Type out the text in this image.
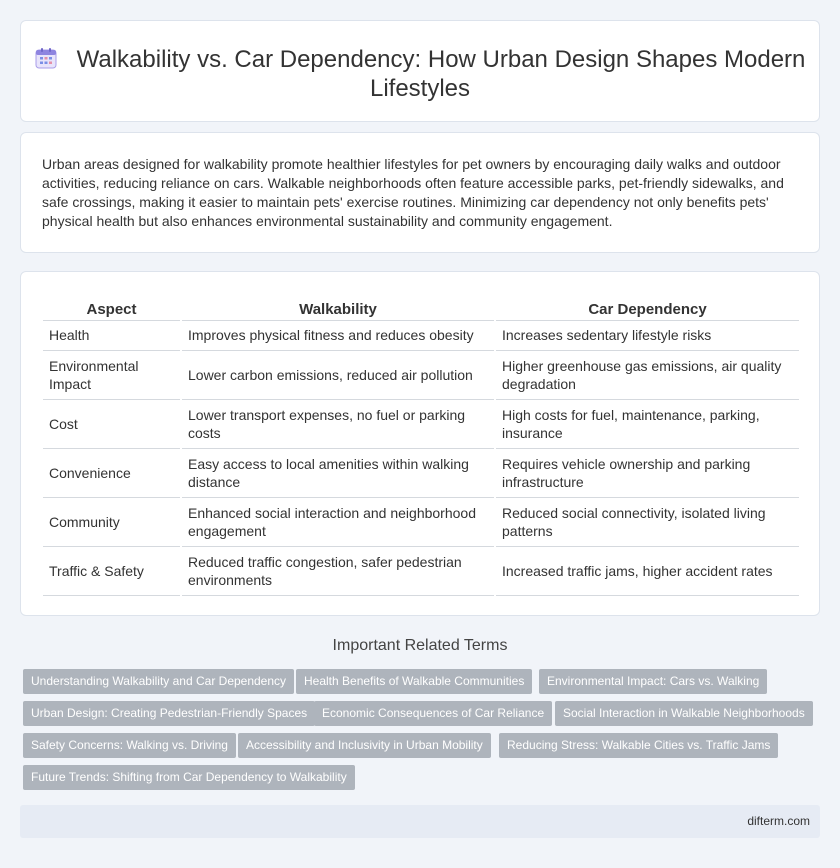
Walkability vs. Car Dependency: How Urban Design Shapes Modern Lifestyles

Urban areas designed for walkability promote healthier lifestyles for pet owners by encouraging daily walks and outdoor activities, reducing reliance on cars. Walkable neighborhoods often feature accessible parks, pet-friendly sidewalks, and safe crossings, making it easier to maintain pets' exercise routines. Minimizing car dependency not only benefits pets' physical health but also enhances environmental sustainability and community engagement.

Aspect	Walkability	Car Dependency
Health	Improves physical fitness and reduces obesity	Increases sedentary lifestyle risks
Environmental Impact	Lower carbon emissions, reduced air pollution	Higher greenhouse gas emissions, air quality degradation
Cost	Lower transport expenses, no fuel or parking costs	High costs for fuel, maintenance, parking, insurance
Convenience	Easy access to local amenities within walking distance	Requires vehicle ownership and parking infrastructure
Community	Enhanced social interaction and neighborhood engagement	Reduced social connectivity, isolated living patterns
Traffic & Safety	Reduced traffic congestion, safer pedestrian environments	Increased traffic jams, higher accident rates
Important Related Terms
Understanding Walkability and Car Dependency	Health Benefits of Walkable Communities	Environmental Impact: Cars vs. Walking
Urban Design: Creating Pedestrian-Friendly Spaces	Economic Consequences of Car Reliance	Social Interaction in Walkable Neighborhoods
Safety Concerns: Walking vs. Driving	Accessibility and Inclusivity in Urban Mobility	Reducing Stress: Walkable Cities vs. Traffic Jams
Future Trends: Shifting from Car Dependency to Walkability
difterm.com
